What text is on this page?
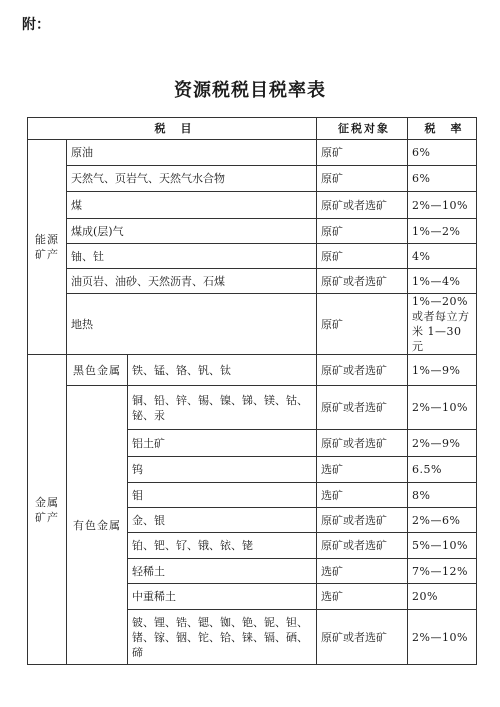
附：
资源税税目税率表
税　目			征税对象	税　率
能源矿产	原油		原矿	6%
	天然气、页岩气、天然气水合物		原矿	6%
	煤		原矿或者选矿	2%—10%
	煤成(层)气		原矿	1%—2%
	铀、钍		原矿	4%
	油页岩、油砂、天然沥青、石煤		原矿或者选矿	1%—4%
	地热		原矿	1%—20%或者每立方米 1—30 元
金属矿产	黑色金属	铁、锰、铬、钒、钛	原矿或者选矿	1%—9%
	有色金属	铜、铅、锌、锡、镍、锑、镁、钴、铋、汞	原矿或者选矿	2%—10%
		铝土矿	原矿或者选矿	2%—9%
		钨	选矿	6.5%
		钼	选矿	8%
		金、银	原矿或者选矿	2%—6%
		铂、钯、钌、锇、铱、铑	原矿或者选矿	5%—10%
		轻稀土	选矿	7%—12%
		中重稀土	选矿	20%
		铍、锂、锆、锶、铷、铯、铌、钽、锗、镓、铟、铊、铪、铼、镉、硒、碲	原矿或者选矿	2%—10%
